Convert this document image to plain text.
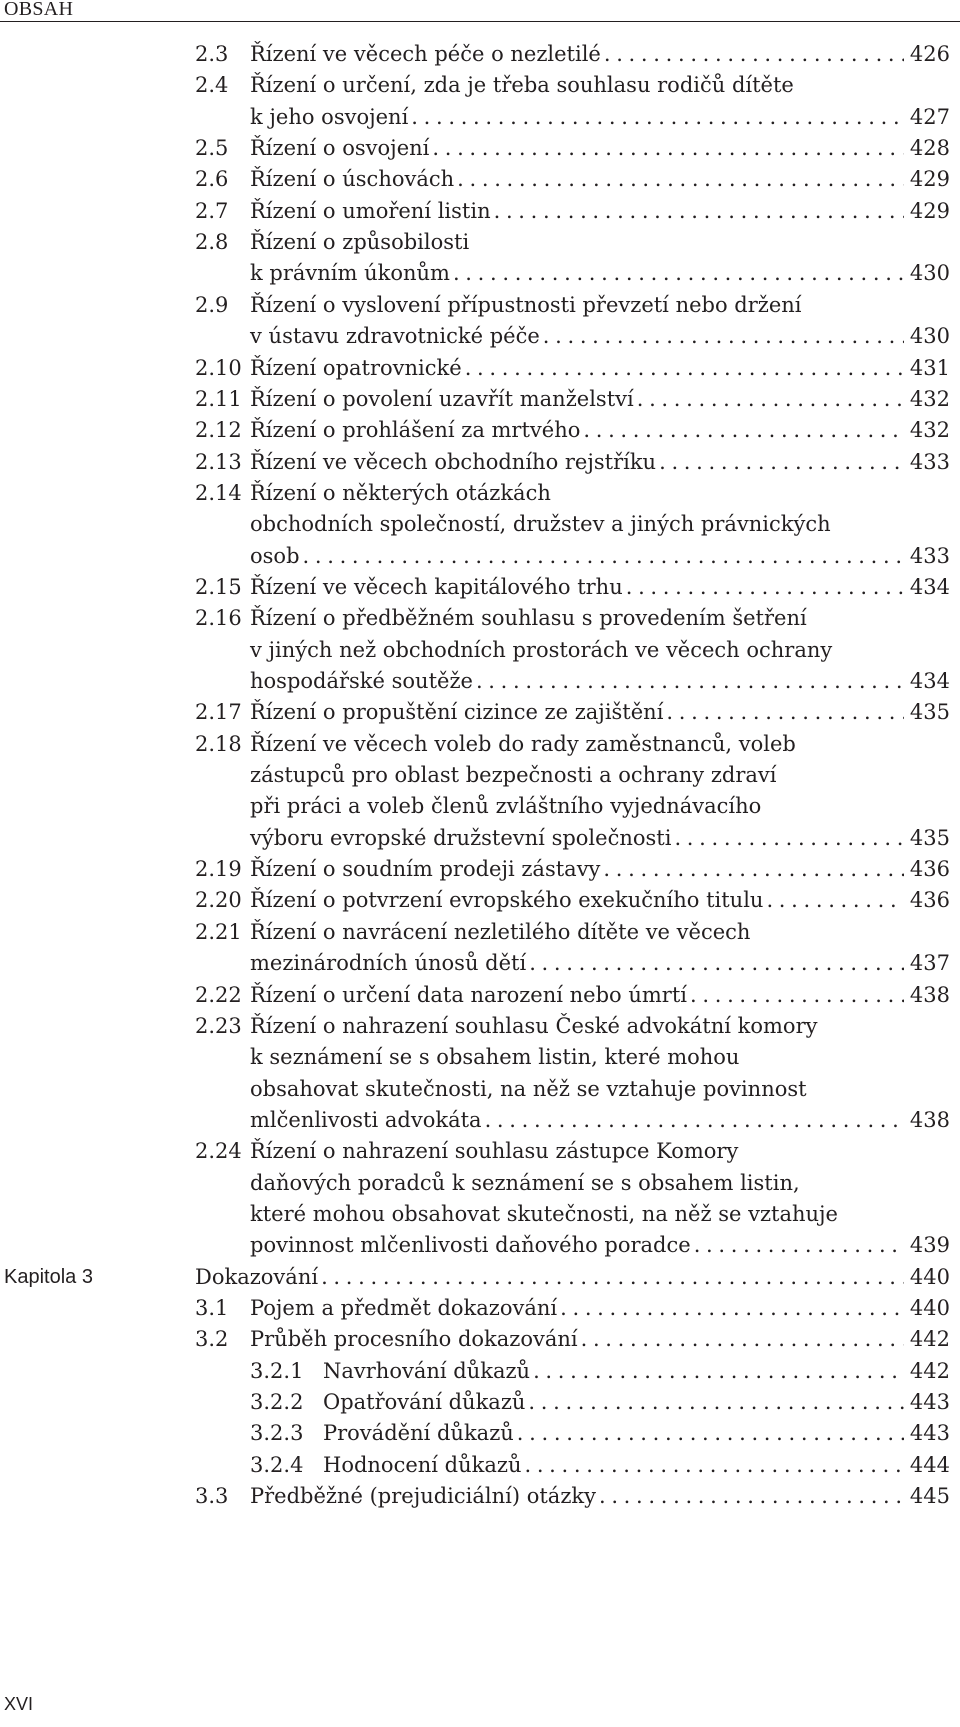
OBSAH
2.3 Řízení ve věcech péče o nezletilé . . .	426
2.4 Řízení o určení, zda je třeba souhlasu rodičů dítěte
k jeho osvojení . . .	427
2.5 Řízení o osvojení . . .	428
2.6 Řízení o úschovách . . .	429
2.7 Řízení o umoření listin . . .	429
2.8 Řízení o způsobilosti
k právním úkonům . . .	430
2.9 Řízení o vyslovení přípustnosti převzetí nebo držení
v ústavu zdravotnické péče . . .	430
2.10 Řízení opatrovnické . . .	431
2.11 Řízení o povolení uzavřít manželství . . .	432
2.12 Řízení o prohlášení za mrtvého . . .	432
2.13 Řízení ve věcech obchodního rejstříku . . .	433
2.14 Řízení o některých otázkách
obchodních společností, družstev a jiných právnických
osob . . .	433
2.15 Řízení ve věcech kapitálového trhu . . .	434
2.16 Řízení o předběžném souhlasu s provedením šetření
v jiných než obchodních prostorách ve věcech ochrany
hospodářské soutěže . . .	434
2.17 Řízení o propuštění cizince ze zajištění . . .	435
2.18 Řízení ve věcech voleb do rady zaměstnanců, voleb
zástupců pro oblast bezpečnosti a ochrany zdraví
při práci a voleb členů zvláštního vyjednávacího
výboru evropské družstevní společnosti . . .	435
2.19 Řízení o soudním prodeji zástavy . . .	436
2.20 Řízení o potvrzení evropského exekučního titulu . . .	436
2.21 Řízení o navrácení nezletilého dítěte ve věcech
mezinárodních únosů dětí . . .	437
2.22 Řízení o určení data narození nebo úmrtí . . .	438
2.23 Řízení o nahrazení souhlasu České advokátní komory
k seznámení se s obsahem listin, které mohou
obsahovat skutečnosti, na něž se vztahuje povinnost
mlčenlivosti advokáta . . .	438
2.24 Řízení o nahrazení souhlasu zástupce Komory
daňových poradců k seznámení se s obsahem listin,
které mohou obsahovat skutečnosti, na něž se vztahuje
povinnost mlčenlivosti daňového poradce . . .	439
Kapitola 3	Dokazování . . .	440
3.1 Pojem a předmět dokazování . . .	440
3.2 Průběh procesního dokazování . . .	442
3.2.1 Navrhování důkazů . . .	442
3.2.2 Opatřování důkazů . . .	443
3.2.3 Provádění důkazů . . .	443
3.2.4 Hodnocení důkazů . . .	444
3.3 Předběžné (prejudiciální) otázky . . .	445
XVI
